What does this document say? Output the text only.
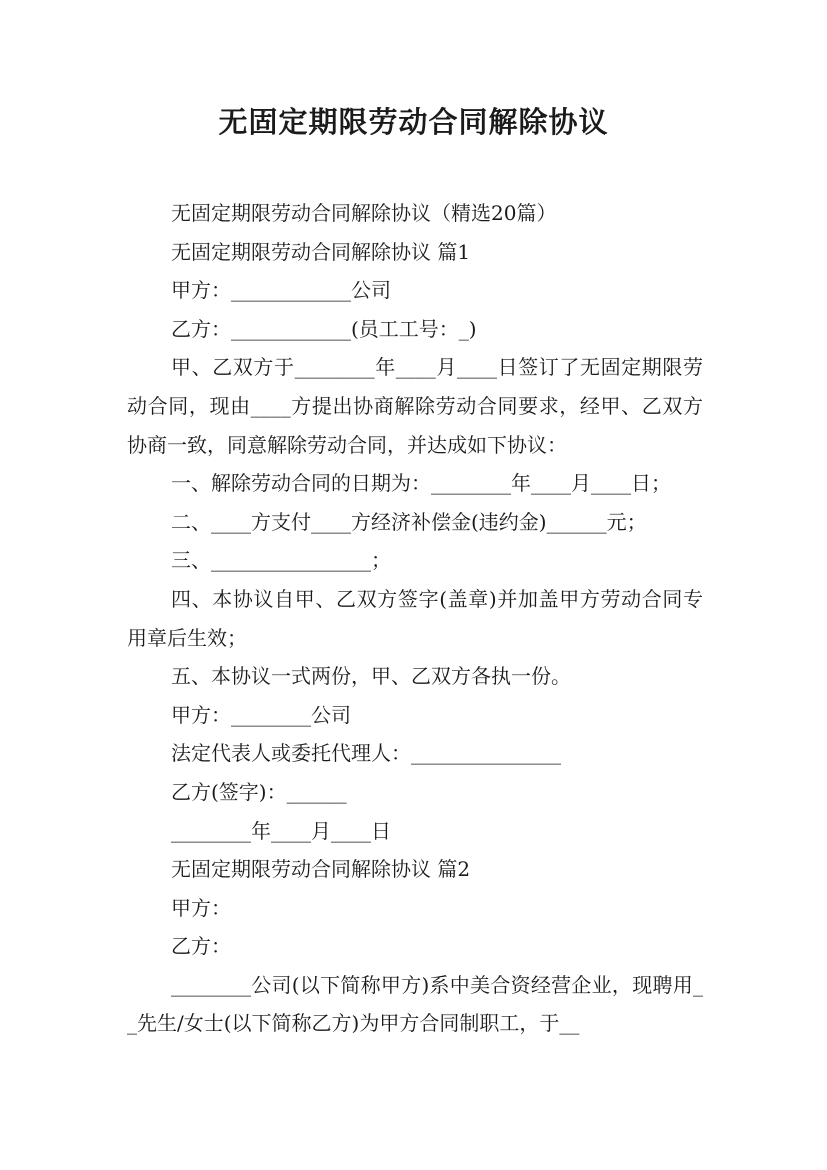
无固定期限劳动合同解除协议

无固定期限劳动合同解除协议（精选20篇）

无固定期限劳动合同解除协议 篇1

甲方：____________公司

乙方：____________(员工工号：_)

甲、乙双方于________年____月____日签订了无固定期限劳动合同，现由____方提出协商解除劳动合同要求，经甲、乙双方协商一致，同意解除劳动合同，并达成如下协议：

一、解除劳动合同的日期为：________年____月____日；

二、____方支付____方经济补偿金(违约金)______元；

三、________________；

四、本协议自甲、乙双方签字(盖章)并加盖甲方劳动合同专用章后生效；

五、本协议一式两份，甲、乙双方各执一份。

甲方：________公司

法定代表人或委托代理人：_______________

乙方(签字)：______

________年____月____日

无固定期限劳动合同解除协议 篇2

甲方：

乙方：

________公司(以下简称甲方)系中美合资经营企业，现聘用__先生/女士(以下简称乙方)为甲方合同制职工，于__
